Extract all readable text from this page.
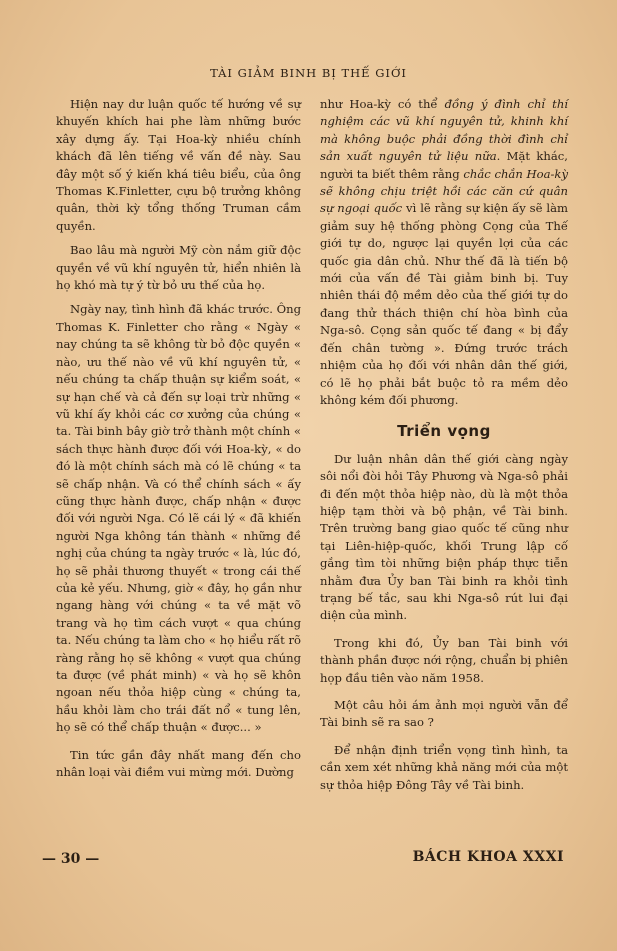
TÀI GIẢM BINH BỊ THẾ GIỚI

Hiện nay dư luận quốc tế hướng về sự khuyến khích hai phe làm những bước xây dựng ấy. Tại Hoa-kỳ nhiều chính khách đã lên tiếng về vấn đề này. Sau đây một số ý kiến khá tiêu biểu, của ông Thomas K.Finletter, cựu bộ trưởng không quân, thời kỳ tổng thống Truman cầm quyền.

Bao lâu mà người Mỹ còn nắm giữ độc quyền về vũ khí nguyên tử, hiển nhiên là họ khó mà tự ý từ bỏ ưu thế của họ.

Ngày nay, tình hình đã khác trước. Ông Thomas K. Finletter cho rằng « Ngày « nay chúng ta sẽ không từ bỏ độc quyền « nào, ưu thế nào về vũ khí nguyên tử, « nếu chúng ta chấp thuận sự kiểm soát, « sự hạn chế và cả đến sự loại trừ những « vũ khí ấy khỏi các cơ xưởng của chúng « ta. Tài binh bây giờ trở thành một chính « sách thực hành được đối với Hoa-kỳ, « do đó là một chính sách mà có lẽ chúng « ta sẽ chấp nhận. Và có thể chính sách « ấy cũng thực hành được, chấp nhận « được đối với người Nga. Có lẽ cái lý « đã khiến người Nga không tán thành « những đề nghị của chúng ta ngày trước « là, lúc đó, họ sẽ phải thương thuyết « trong cái thế của kẻ yếu. Nhưng, giờ « đây, họ gần như ngang hàng với chúng « ta về mặt võ trang và họ tìm cách vượt « qua chúng ta. Nếu chúng ta làm cho « họ hiểu rất rõ ràng rằng họ sẽ không « vượt qua chúng ta được (về phát minh) « và họ sẽ khôn ngoan nếu thỏa hiệp cùng « chúng ta, hầu khỏi làm cho trái đất nổ « tung lên, họ sẽ có thể chấp thuận « được... »

Tin tức gần đây nhất mang đến cho nhân loại vài điềm vui mừng mới. Dường

như Hoa-kỳ có thể đồng ý đình chỉ thí nghiệm các vũ khí nguyên tử, khinh khí mà không buộc phải đồng thời đình chỉ sản xuất nguyên tử liệu nữa. Mặt khác, người ta biết thêm rằng chắc chắn Hoa-kỳ sẽ không chịu triệt hồi các căn cứ quân sự ngoại quốc vì lẽ rằng sự kiện ấy sẽ làm giảm suy hệ thống phòng Cọng của Thế giới tự do, ngược lại quyền lợi của các quốc gia dân chủ. Như thế đã là tiến bộ mới của vấn đề Tài giảm binh bị. Tuy nhiên thái độ mềm dẻo của thế giới tự do đang thử thách thiện chí hòa bình của Nga-sô. Cọng sản quốc tế đang « bị đẩy đến chân tường ». Đứng trước trách nhiệm của họ đối với nhân dân thế giới, có lẽ họ phải bắt buộc tỏ ra mềm dẻo không kém đối phương.

Triển vọng

Dư luận nhân dân thế giới càng ngày sôi nổi đòi hỏi Tây Phương và Nga-sô phải đi đến một thỏa hiệp nào, dù là một thỏa hiệp tạm thời và bộ phận, về Tài binh. Trên trường bang giao quốc tế cũng như tại Liên-hiệp-quốc, khối Trung lập cố gắng tìm tòi những biện pháp thực tiễn nhằm đưa Ủy ban Tài binh ra khỏi tình trạng bế tắc, sau khi Nga-sô rút lui đại diện của mình.

Trong khi đó, Ủy ban Tài binh với thành phần được nới rộng, chuẩn bị phiên họp đầu tiên vào năm 1958.

Một câu hỏi ám ảnh mọi người vẫn để Tài binh sẽ ra sao ?

Để nhận định triển vọng tình hình, ta cần xem xét những khả năng mới của một sự thỏa hiệp Đông Tây về Tài binh.

— 30 —	BÁCH KHOA XXXI
